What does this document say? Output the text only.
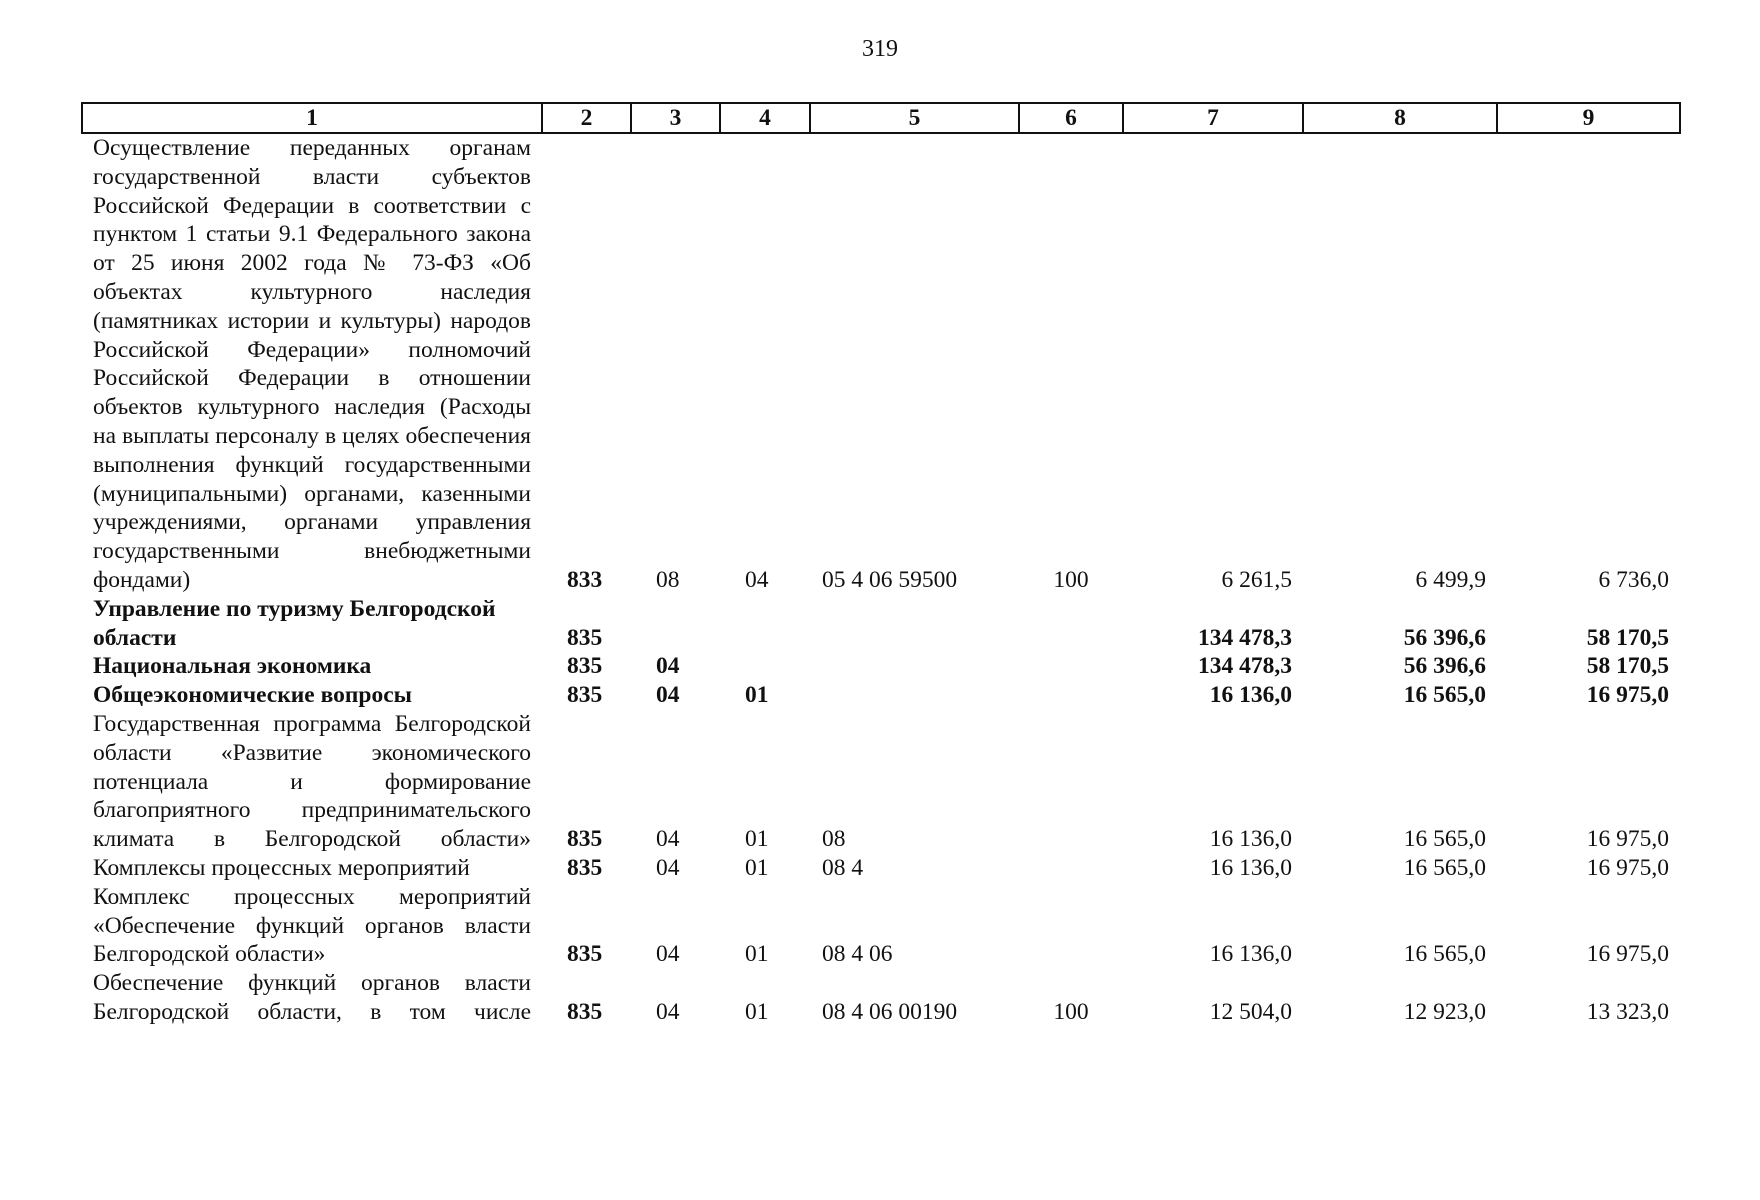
319
1	2	3	4	5	6	7	8	9
Осуществление переданных органам государственной власти субъектов Российской Федерации в соответствии с пунктом 1 статьи 9.1 Федерального закона от 25 июня 2002 года № 73-ФЗ «Об объектах культурного наследия (памятниках истории и культуры) народов Российской Федерации» полномочий Российской Федерации в отношении объектов культурного наследия (Расходы на выплаты персоналу в целях обеспечения выполнения функций государственными (муниципальными) органами, казенными учреждениями, органами управления государственными внебюджетными фондами)	833	08	04	05 4 06 59500	100	6 261,5	6 499,9	6 736,0
Управление по туризму Белгородской области	835					134 478,3	56 396,6	58 170,5
Национальная экономика	835	04				134 478,3	56 396,6	58 170,5
Общеэкономические вопросы	835	04	01			16 136,0	16 565,0	16 975,0
Государственная программа Белгородской области «Развитие экономического потенциала и формирование благоприятного предпринимательского климата в Белгородской области»	835	04	01	08		16 136,0	16 565,0	16 975,0
Комплексы процессных мероприятий	835	04	01	08 4		16 136,0	16 565,0	16 975,0
Комплекс процессных мероприятий «Обеспечение функций органов власти Белгородской области»	835	04	01	08 4 06		16 136,0	16 565,0	16 975,0
Обеспечение функций органов власти Белгородской области, в том числе	835	04	01	08 4 06 00190	100	12 504,0	12 923,0	13 323,0
